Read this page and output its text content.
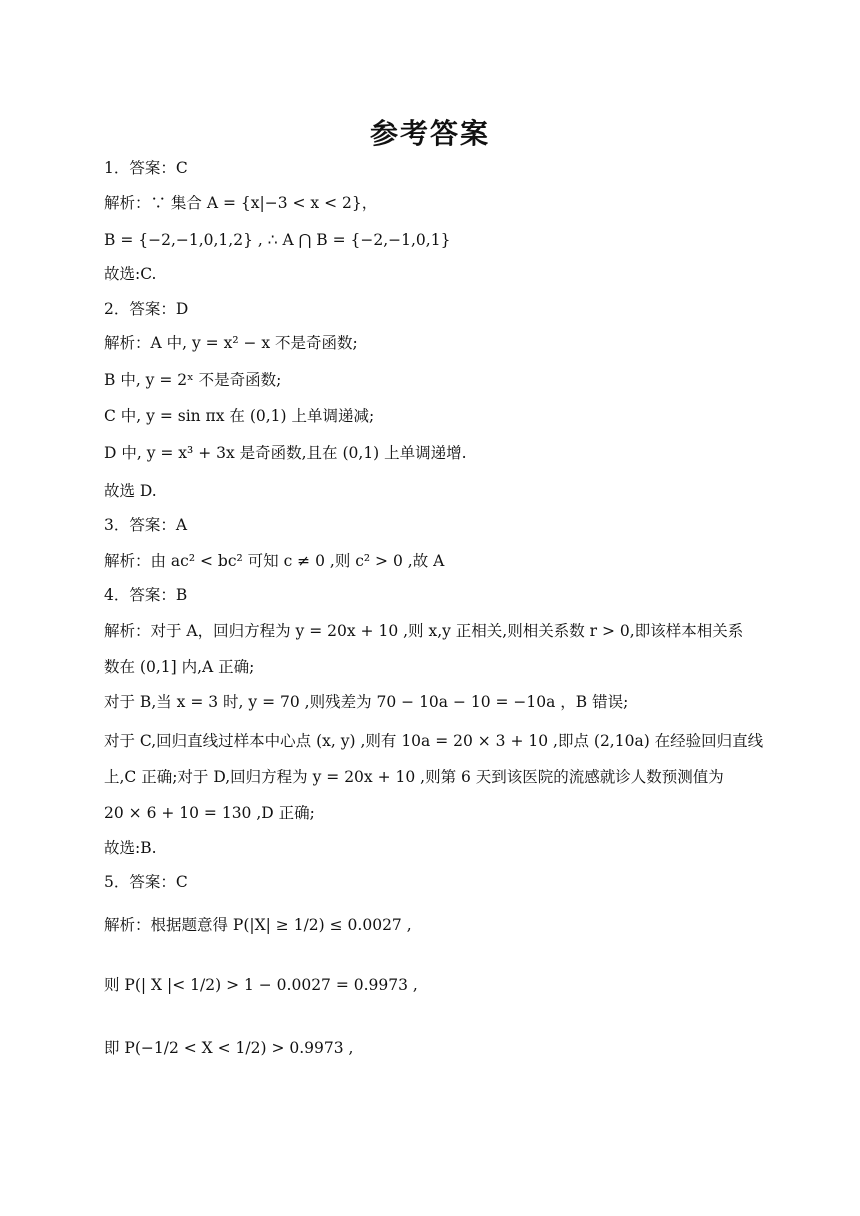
参考答案
1．答案：C
解析：∵ 集合 A = {x|−3 < x < 2}，
B = {−2,−1,0,1,2} , ∴ A ⋂ B = {−2,−1,0,1}
故选:C.
2．答案：D
解析：A 中, y = x² − x 不是奇函数;
B 中, y = 2ˣ 不是奇函数;
C 中, y = sin πx 在 (0,1) 上单调递减;
D 中, y = x³ + 3x 是奇函数,且在 (0,1) 上单调递增.
故选 D.
3．答案：A
解析：由 ac² < bc² 可知 c ≠ 0 ,则 c² > 0 ,故 A
4．答案：B
解析：对于 A，回归方程为 y = 20x + 10 ,则 x,y 正相关,则相关系数 r > 0,即该样本相关系
数在 (0,1] 内,A 正确;
对于 B,当 x = 3 时, y = 70 ,则残差为 70 − 10a − 10 = −10a ，B 错误;
对于 C,回归直线过样本中心点 (x, y) ,则有 10a = 20 × 3 + 10 ,即点 (2,10a) 在经验回归直线
上,C 正确;对于 D,回归方程为 y = 20x + 10 ,则第 6 天到该医院的流感就诊人数预测值为
20 × 6 + 10 = 130 ,D 正确;
故选:B.
5．答案：C
解析：根据题意得 P(|X| ≥ 1/2) ≤ 0.0027 ,
则 P(| X |< 1/2) > 1 − 0.0027 = 0.9973 ,
即 P(−1/2 < X < 1/2) > 0.9973 ,
